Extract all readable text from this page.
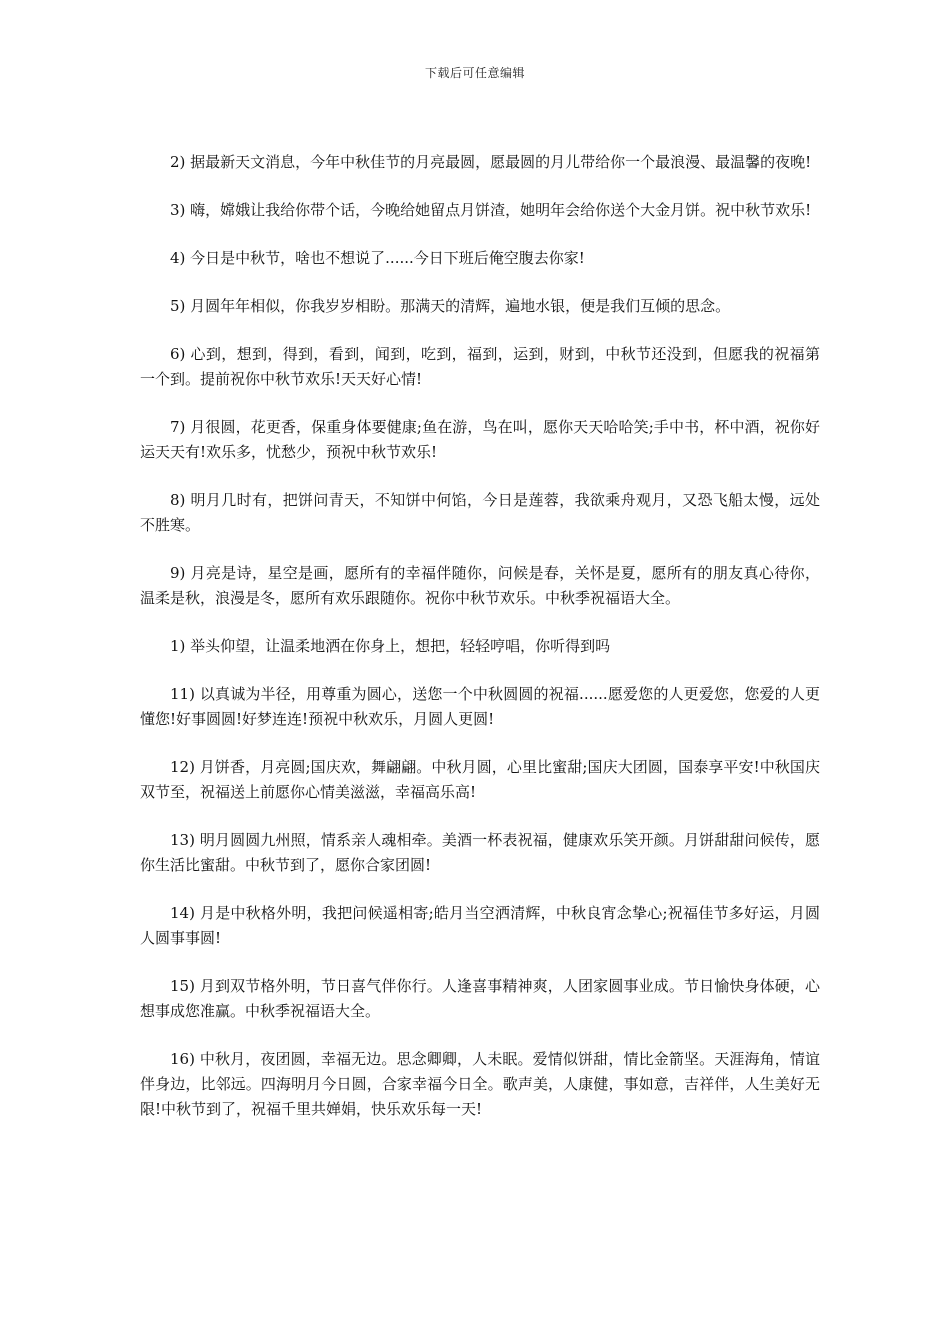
下载后可任意编辑

2) 据最新天文消息，今年中秋佳节的月亮最圆，愿最圆的月儿带给你一个最浪漫、最温馨的夜晚!

3) 嗨，嫦娥让我给你带个话，今晚给她留点月饼渣，她明年会给你送个大金月饼。祝中秋节欢乐!

4) 今日是中秋节，啥也不想说了......今日下班后俺空腹去你家!

5) 月圆年年相似，你我岁岁相盼。那满天的清辉，遍地水银，便是我们互倾的思念。

6) 心到，想到，得到，看到，闻到，吃到，福到，运到，财到，中秋节还没到，但愿我的祝福第一个到。提前祝你中秋节欢乐!天天好心情!

7) 月很圆，花更香，保重身体要健康;鱼在游，鸟在叫，愿你天天哈哈笑;手中书，杯中酒，祝你好运天天有!欢乐多，忧愁少，预祝中秋节欢乐!

8) 明月几时有，把饼问青天，不知饼中何馅，今日是莲蓉，我欲乘舟观月，又恐飞船太慢，远处不胜寒。

9) 月亮是诗，星空是画，愿所有的幸福伴随你，问候是春，关怀是夏，愿所有的朋友真心待你，温柔是秋，浪漫是冬，愿所有欢乐跟随你。祝你中秋节欢乐。中秋季祝福语大全。

1) 举头仰望，让温柔地洒在你身上，想把，轻轻哼唱，你听得到吗

11) 以真诚为半径，用尊重为圆心，送您一个中秋圆圆的祝福......愿爱您的人更爱您，您爱的人更懂您!好事圆圆!好梦连连!预祝中秋欢乐，月圆人更圆!

12) 月饼香，月亮圆;国庆欢，舞翩翩。中秋月圆，心里比蜜甜;国庆大团圆，国泰享平安!中秋国庆双节至，祝福送上前愿你心情美滋滋，幸福高乐高!

13) 明月圆圆九州照，情系亲人魂相牵。美酒一杯表祝福，健康欢乐笑开颜。月饼甜甜问候传，愿你生活比蜜甜。中秋节到了，愿你合家团圆!

14) 月是中秋格外明，我把问候遥相寄;皓月当空洒清辉，中秋良宵念挚心;祝福佳节多好运，月圆人圆事事圆!

15) 月到双节格外明，节日喜气伴你行。人逢喜事精神爽，人团家圆事业成。节日愉快身体硬，心想事成您准赢。中秋季祝福语大全。

16) 中秋月，夜团圆，幸福无边。思念卿卿，人未眠。爱情似饼甜，情比金箭坚。天涯海角，情谊伴身边，比邻远。四海明月今日圆，合家幸福今日全。歌声美，人康健，事如意，吉祥伴，人生美好无限!中秋节到了，祝福千里共婵娟，快乐欢乐每一天!
